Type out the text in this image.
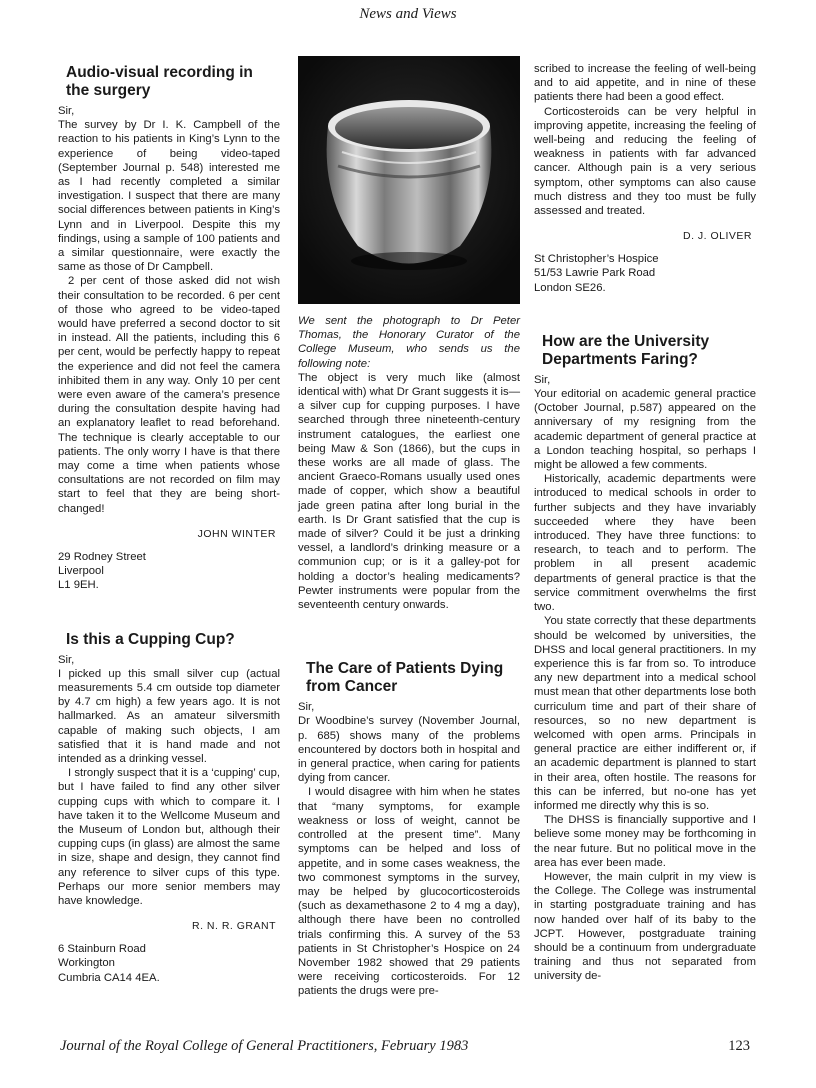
News and Views
Audio-visual recording in the surgery

Sir,

The survey by Dr I. K. Campbell of the reaction to his patients in King’s Lynn to the experience of being video-taped (September Journal p. 548) interested me as I had recently completed a similar investigation. I suspect that there are many social differences between patients in King’s Lynn and in Liverpool. Despite this my findings, using a sample of 100 patients and a similar questionnaire, were exactly the same as those of Dr Campbell.

2 per cent of those asked did not wish their consultation to be recorded. 6 per cent of those who agreed to be video-taped would have preferred a second doctor to sit in instead. All the patients, including this 6 per cent, would be perfectly happy to repeat the experience and did not feel the camera inhibited them in any way. Only 10 per cent were even aware of the camera’s presence during the consultation despite having had an explanatory leaflet to read beforehand. The technique is clearly acceptable to our patients. The only worry I have is that there may come a time when patients whose consultations are not recorded on film may start to feel that they are being short-changed!

JOHN WINTER
29 Rodney Street
Liverpool
L1 9EH.
Is this a Cupping Cup?

Sir,

I picked up this small silver cup (actual measurements 5.4 cm outside top diameter by 4.7 cm high) a few years ago. It is not hallmarked. As an amateur silversmith capable of making such objects, I am satisfied that it is hand made and not intended as a drinking vessel.

I strongly suspect that it is a ‘cupping’ cup, but I have failed to find any other silver cupping cups with which to compare it. I have taken it to the Wellcome Museum and the Museum of London but, although their cupping cups (in glass) are almost the same in size, shape and design, they cannot find any reference to silver cups of this type. Perhaps our more senior members may have knowledge.

R. N. R. GRANT
6 Stainburn Road
Workington
Cumbria CA14 4EA.

We sent the photograph to Dr Peter Thomas, the Honorary Curator of the College Museum, who sends us the following note:

The object is very much like (almost identical with) what Dr Grant suggests it is—a silver cup for cupping purposes. I have searched through three nineteenth-century instrument catalogues, the earliest one being Maw & Son (1866), but the cups in these works are all made of glass. The ancient Graeco-Romans usually used ones made of copper, which show a beautiful jade green patina after long burial in the earth. Is Dr Grant satisfied that the cup is made of silver? Could it be just a drinking vessel, a landlord’s drinking measure or a communion cup; or is it a galley-pot for holding a doctor’s healing medicaments? Pewter instruments were popular from the seventeenth century onwards.

The Care of Patients Dying from Cancer

Sir,

Dr Woodbine’s survey (November Journal, p. 685) shows many of the problems encountered by doctors both in hospital and in general practice, when caring for patients dying from cancer.

I would disagree with him when he states that “many symptoms, for example weakness or loss of weight, cannot be controlled at the present time”. Many symptoms can be helped and loss of appetite, and in some cases weakness, the two commonest symptoms in the survey, may be helped by glucocorticosteroids (such as dexamethasone 2 to 4 mg a day), although there have been no controlled trials confirming this. A survey of the 53 patients in St Christopher’s Hospice on 24 November 1982 showed that 29 patients were receiving corticosteroids. For 12 patients the drugs were pre-

scribed to increase the feeling of well-being and to aid appetite, and in nine of these patients there had been a good effect.

Corticosteroids can be very helpful in improving appetite, increasing the feeling of well-being and reducing the feeling of weakness in patients with far advanced cancer. Although pain is a very serious symptom, other symptoms can also cause much distress and they too must be fully assessed and treated.

D. J. OLIVER
St Christopher’s Hospice
51/53 Lawrie Park Road
London SE26.
How are the University Departments Faring?

Sir,

Your editorial on academic general practice (October Journal, p.587) appeared on the anniversary of my resigning from the academic department of general practice at a London teaching hospital, so perhaps I might be allowed a few comments.

Historically, academic departments were introduced to medical schools in order to further subjects and they have invariably succeeded where they have been introduced. They have three functions: to research, to teach and to perform. The problem in all present academic departments of general practice is that the service commitment overwhelms the first two.

You state correctly that these departments should be welcomed by universities, the DHSS and local general practitioners. In my experience this is far from so. To introduce any new department into a medical school must mean that other departments lose both curriculum time and part of their share of resources, so no new department is welcomed with open arms. Principals in general practice are either indifferent or, if an academic department is planned to start in their area, often hostile. The reasons for this can be inferred, but no-one has yet informed me directly why this is so.

The DHSS is financially supportive and I believe some money may be forthcoming in the near future. But no political move in the area has ever been made.

However, the main culprit in my view is the College. The College was instrumental in starting postgraduate training and has now handed over half of its baby to the JCPT. However, postgraduate training should be a continuum from undergraduate training and thus not separated from university de-

Journal of the Royal College of General Practitioners, February 1983	123
